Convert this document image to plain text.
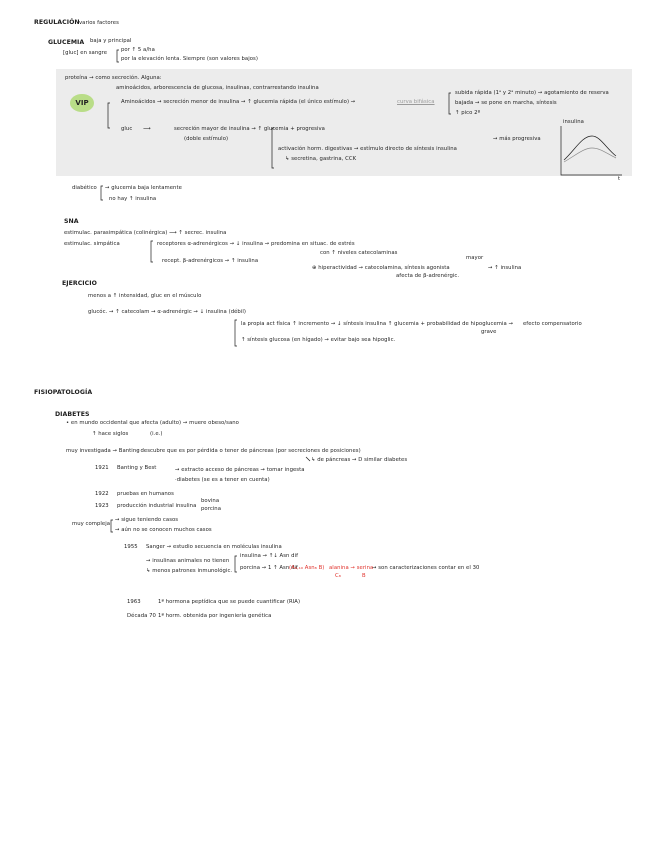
VIP
REGULACIÓN varios factores
GLUCEMIA baja y principal
[gluc] en sangre	por ↑ 5 a/ha
por la elevación lenta. Siempre (son valores bajos)
proteína → como secreción. Alguna:
aminoácidos, arborescencia de glucosa, insulinas, contrarrestando insulina
Aminoácidos → secreción menor de insulina → ↑ glucemia rápida (el único estímulo) →	curva bifásica
subida rápida (1ᵃ y 2ᵃ minuto) → agotamiento de reserva
bajada → se pone en marcha, síntesis
↑ pico 2º
gluc ⟶	secreción mayor de insulina → ↑ glucemia + progresiva
(doble estímulo)
activación horm. digestivas → estímulo directo de síntesis insulina
→ más progresiva
↳ secretina, gastrina, CCK
insulina
t
diabético → glucemia baja lentamente
no hay ↑ insulina
SNA
estimulac. parasimpática (colinérgica) ⟶ ↑ secrec. insulina
estimulac. simpática	receptores α-adrenérgicos → ↓ insulina → predomina en situac. de estrés
con ↑ niveles catecolaminas
recept. β-adrenérgicos → ↑ insulina
⊕ hiperactividad → catecolamina, síntesis agonista
afecta de β-adrenérgic.
→ ↑ insulina
mayor
EJERCICIO
menos a ↑ intensidad, gluc en el músculo
glucóc. → ↑ catecolam → α-adrenérgic → ↓ insulina (débil)
la propia act física ↑ incremento → ↓ síntesis insulina ↑ glucemia + probabilidad de hipoglucemia → efecto compensatorio
grave
↑ síntesis glucosa (en hígado) → evitar bajo sea hipoglic.
FISIOPATOLOGÍA
DIABETES
• en mundo occidental que afecta (adulto) → muere obeso/sano
↑ hace siglos	(i.e.)
muy investigada → Banting
· descubre que es por pérdida o tener de páncreas (por secreciones de posiciones)
↳ de páncreas → D similar diabetes
1921 Banting y Best	→ extracto acceso de páncreas → tomar ingesta
·diabetes (se es a tener en cuenta)
1922 pruebas en humanos
1923 producción industrial insulina
bovina
porcina
muy compleja
→ sigue teniendo casos
→ aún no se conocen muchos casos
1955 Sanger → estudio secuencia en moléculas insulina
→ insulinas animales no tienen
insulina → ↑↓ Asn dif
porcina → 1 ↑ Asn dif
(A₈,₁₀ Asn₈ B) alanina → serina
→ son caracterizaciones contar en el 30
C₈	B
↳ menos patrones inmunológic.
1963	1ª hormona peptídica que se puede cuantificar (RIA)
Década 70 1ª horm. obtenida por ingeniería genética
